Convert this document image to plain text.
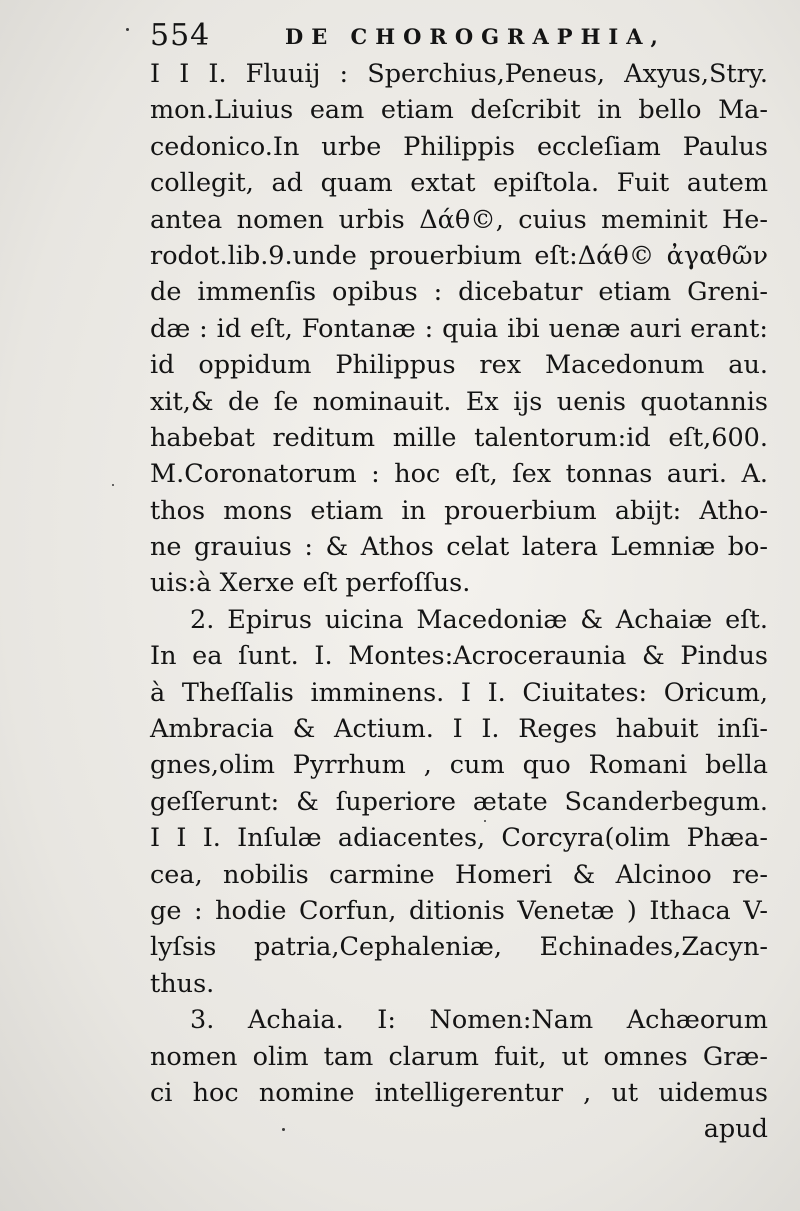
554	DE CHOROGRAPHIA,
I I I. Fluuij : Sperchius,Peneus, Axyus,Stry.
mon.Liuius eam etiam deſcribit in bello Ma-
cedonico.In urbe Philippis eccleſiam Paulus
collegit, ad quam extat epiſtola. Fuit autem
antea nomen urbis Δάθ©, cuius meminit He-
rodot.lib.9.unde prouerbium eſt:Δάθ© ἀγαθῶν
de immenſis opibus : dicebatur etiam Greni-
dæ : id eſt, Fontanæ : quia ibi uenæ auri erant:
id oppidum Philippus rex Macedonum au.
xit,& de ſe nominauit. Ex ijs uenis quotannis
habebat reditum mille talentorum:id eſt,600.
M.Coronatorum : hoc eſt, ſex tonnas auri. A.
thos mons etiam in prouerbium abijt: Atho-
ne grauius : & Athos celat latera Lemniæ bo-
uis:à Xerxe eſt perfoſſus.
2. Epirus uicina Macedoniæ & Achaiæ eſt.
In ea ſunt. I. Montes:Acroceraunia & Pindus
à Theſſalis imminens. I I. Ciuitates: Oricum,
Ambracia & Actium. I I. Reges habuit inſi-
gnes,olim Pyrrhum , cum quo Romani bella
geſſerunt: & ſuperiore ætate Scanderbegum.
I I I. Inſulæ adiacentes, Corcyra(olim Phæa-
cea, nobilis carmine Homeri & Alcinoo re-
ge : hodie Corfun, ditionis Venetæ ) Ithaca V-
lyſsis patria,Cephaleniæ, Echinades,Zacyn-
thus.
3. Achaia. I: Nomen:Nam Achæorum
nomen olim tam clarum fuit, ut omnes Græ-
ci hoc nomine intelligerentur , ut uidemus
apud
